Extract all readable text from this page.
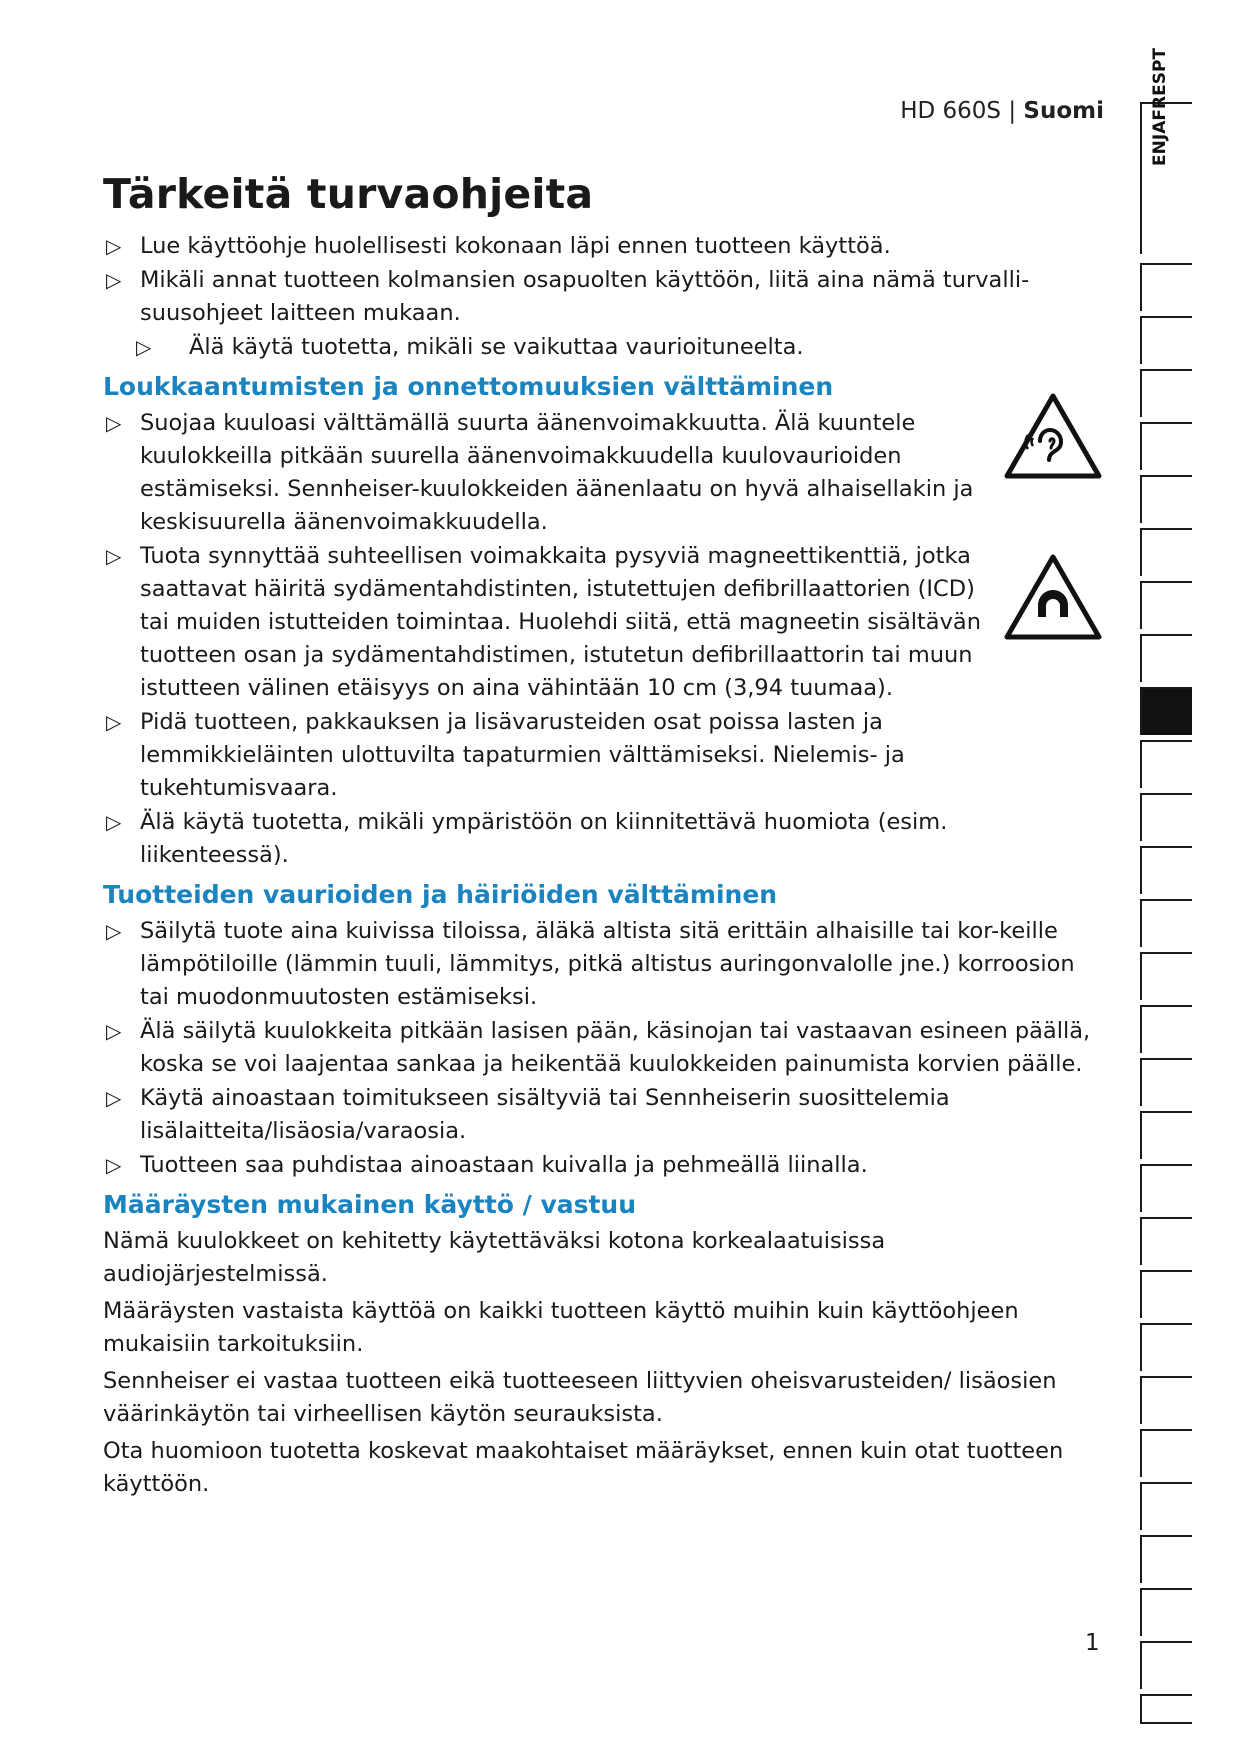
HD 660S | Suomi
Tärkeitä turvaohjeita
▷ Lue käyttöohje huolellisesti kokonaan läpi ennen tuotteen käyttöä.
▷ Mikäli annat tuotteen kolmansien osapuolten käyttöön, liitä aina nämä turvalli-suusohjeet laitteen mukaan.
▷ Älä käytä tuotetta, mikäli se vaikuttaa vaurioituneelta.
Loukkaantumisten ja onnettomuuksien välttäminen
▷ Suojaa kuuloasi välttämällä suurta äänenvoimakkuutta. Älä kuuntele kuulokkeilla pitkään suurella äänenvoimakkuudella kuulovaurioiden estämiseksi. Sennheiser-kuulokkeiden äänenlaatu on hyvä alhaisellakin ja keskisuurella äänenvoimakkuudella.
▷ Tuota synnyttää suhteellisen voimakkaita pysyviä magneettikenttiä, jotka saattavat häiritä sydämentahdistinten, istutettujen defibrillaattorien (ICD) tai muiden istutteiden toimintaa. Huolehdi siitä, että magneetin sisältävän tuotteen osan ja sydämentahdistimen, istutetun defibrillaattorin tai muun istutteen välinen etäisyys on aina vähintään 10 cm (3,94 tuumaa).
▷ Pidä tuotteen, pakkauksen ja lisävarusteiden osat poissa lasten ja lemmikkieläinten ulottuvilta tapaturmien välttämiseksi. Nielemis- ja tukehtumisvaara.
▷ Älä käytä tuotetta, mikäli ympäristöön on kiinnitettävä huomiota (esim. liikenteessä).
Tuotteiden vaurioiden ja häiriöiden välttäminen
▷ Säilytä tuote aina kuivissa tiloissa, äläkä altista sitä erittäin alhaisille tai kor-keille lämpötiloille (lämmin tuuli, lämmitys, pitkä altistus auringonvalolle jne.) korroosion tai muodonmuutosten estämiseksi.
▷ Älä säilytä kuulokkeita pitkään lasisen pään, käsinojan tai vastaavan esineen päällä, koska se voi laajentaa sankaa ja heikentää kuulokkeiden painumista korvien päälle.
▷ Käytä ainoastaan toimitukseen sisältyviä tai Sennheiserin suosittelemia lisälaitteita/lisäosia/varaosia.
▷ Tuotteen saa puhdistaa ainoastaan kuivalla ja pehmeällä liinalla.
Määräysten mukainen käyttö / vastuu

Nämä kuulokkeet on kehitetty käytettäväksi kotona korkealaatuisissa audiojärjestelmissä.

Määräysten vastaista käyttöä on kaikki tuotteen käyttö muihin kuin käyttöohjeen mukaisiin tarkoituksiin.

Sennheiser ei vastaa tuotteen eikä tuotteeseen liittyvien oheisvarusteiden/ lisäosien väärinkäytön tai virheellisen käytön seurauksista.

Ota huomioon tuotetta koskevat maakohtaiset määräykset, ennen kuin otat tuotteen käyttöön.

1
ENJAFRESPT
